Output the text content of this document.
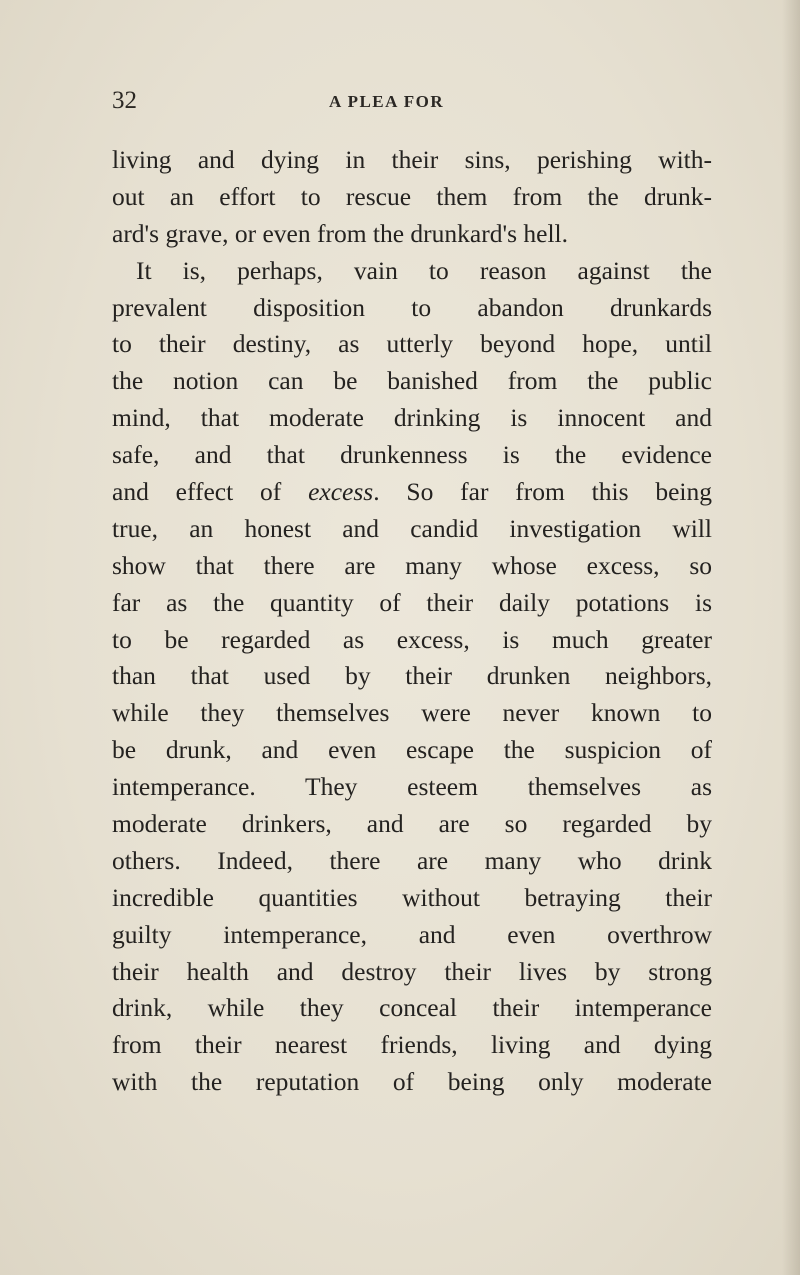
32	A PLEA FOR
living and dying in their sins, perishing with-
out an effort to rescue them from the drunk-
ard's grave, or even from the drunkard's hell.
It is, perhaps, vain to reason against the
prevalent disposition to abandon drunkards
to their destiny, as utterly beyond hope, until
the notion can be banished from the public
mind, that moderate drinking is innocent and
safe, and that drunkenness is the evidence
and effect of excess. So far from this being
true, an honest and candid investigation will
show that there are many whose excess, so
far as the quantity of their daily potations is
to be regarded as excess, is much greater
than that used by their drunken neighbors,
while they themselves were never known to
be drunk, and even escape the suspicion of
intemperance. They esteem themselves as
moderate drinkers, and are so regarded by
others. Indeed, there are many who drink
incredible quantities without betraying their
guilty intemperance, and even overthrow
their health and destroy their lives by strong
drink, while they conceal their intemperance
from their nearest friends, living and dying
with the reputation of being only moderate
